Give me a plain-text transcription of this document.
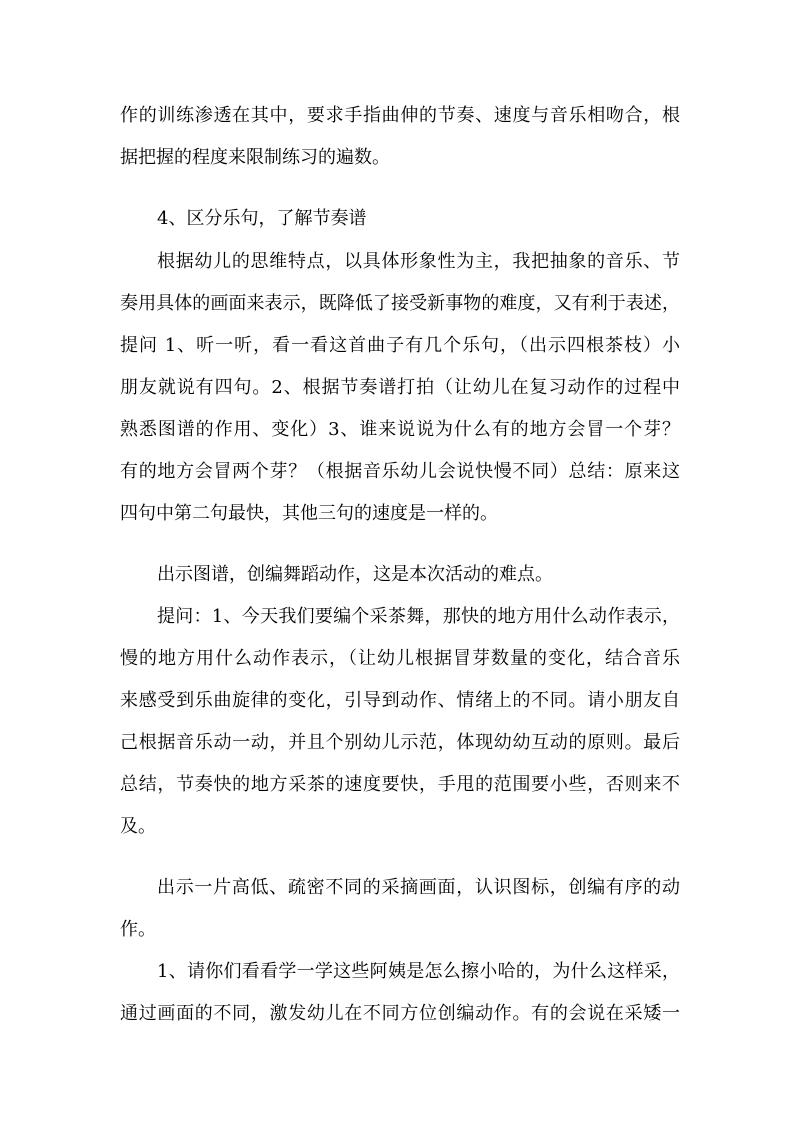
作的训练渗透在其中，要求手指曲伸的节奏、速度与音乐相吻合，根
据把握的程度来限制练习的遍数。
4、区分乐句，了解节奏谱
根据幼儿的思维特点，以具体形象性为主，我把抽象的音乐、节
奏用具体的画面来表示，既降低了接受新事物的难度，又有利于表述，
提问 1、听一听，看一看这首曲子有几个乐句，（出示四根茶枝）小
朋友就说有四句。2、根据节奏谱打拍（让幼儿在复习动作的过程中
熟悉图谱的作用、变化）3、谁来说说为什么有的地方会冒一个芽？
有的地方会冒两个芽？（根据音乐幼儿会说快慢不同）总结：原来这
四句中第二句最快，其他三句的速度是一样的。
出示图谱，创编舞蹈动作，这是本次活动的难点。
提问：1、今天我们要编个采茶舞，那快的地方用什么动作表示，
慢的地方用什么动作表示，（让幼儿根据冒芽数量的变化，结合音乐
来感受到乐曲旋律的变化，引导到动作、情绪上的不同。请小朋友自
己根据音乐动一动，并且个别幼儿示范，体现幼幼互动的原则。最后
总结，节奏快的地方采茶的速度要快，手甩的范围要小些，否则来不
及。
出示一片高低、疏密不同的采摘画面，认识图标，创编有序的动
作。
1、请你们看看学一学这些阿姨是怎么擦小哈的，为什么这样采，
通过画面的不同，激发幼儿在不同方位创编动作。有的会说在采矮一
